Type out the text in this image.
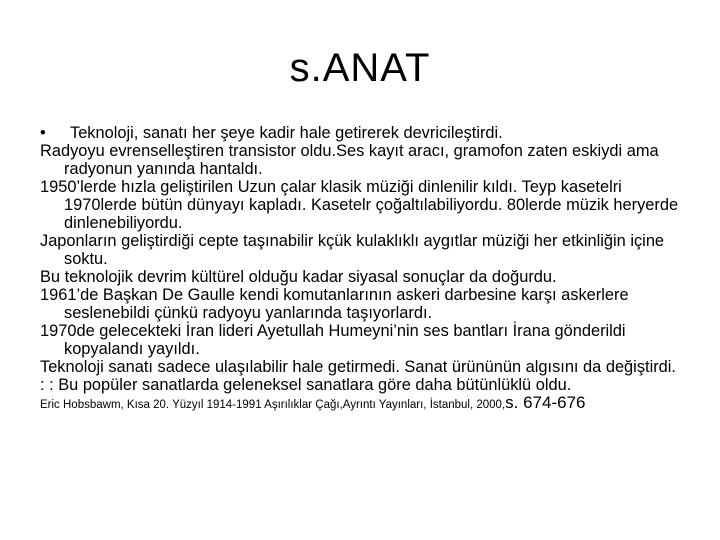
s.ANAT

• Teknoloji, sanatı her şeye kadir hale getirerek devricileştirdi.

Radyoyu evrenselleştiren transistor oldu.Ses kayıt aracı, gramofon zaten eskiydi ama radyonun yanında hantaldı.

1950’lerde hızla geliştirilen Uzun çalar klasik müziği dinlenilir kıldı. Teyp kasetelri 1970lerde bütün dünyayı kapladı. Kasetelr çoğaltılabiliyordu. 80lerde müzik heryerde dinlenebiliyordu.

Japonların geliştirdiği cepte taşınabilir kçük kulaklıklı aygıtlar müziği her etkinliğin içine soktu.

Bu teknolojik devrim kültürel olduğu kadar siyasal sonuçlar da doğurdu.

1961’de Başkan De Gaulle kendi komutanlarının askeri darbesine karşı askerlere seslenebildi çünkü radyoyu yanlarında taşıyorlardı.

1970de gelecekteki İran lideri Ayetullah Humeyni’nin ses bantları İrana gönderildi kopyalandı yayıldı.

Teknoloji sanatı sadece ulaşılabilir hale getirmedi. Sanat ürününün algısını da değiştirdi.

: : Bu popüler sanatlarda geleneksel sanatlara göre daha bütünlüklü oldu.

Eric Hobsbawm, Kısa 20. Yüzyıl 1914-1991 Aşırılıklar Çağı,Ayrıntı Yayınları, İstanbul, 2000,s. 674-676
